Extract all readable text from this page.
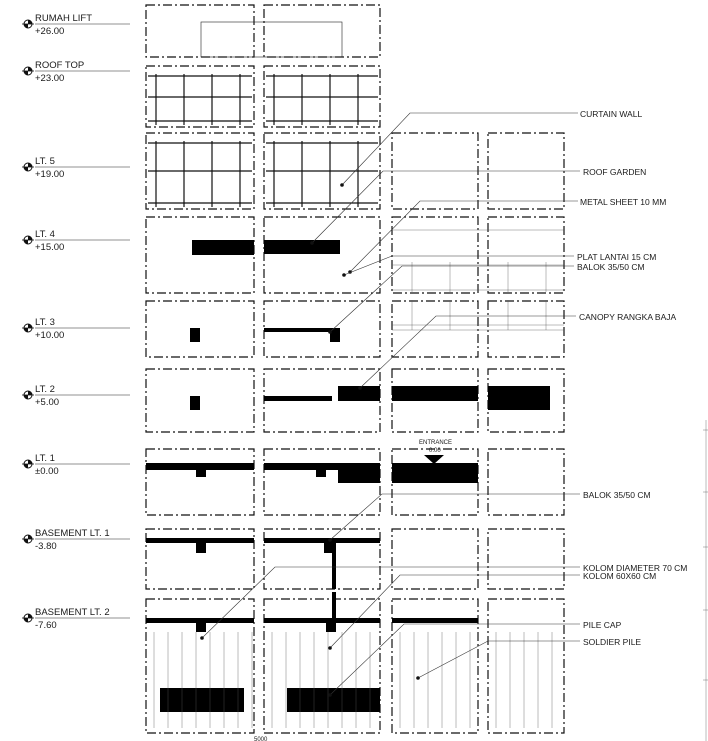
RUMAH LIFT
+26.00
ROOF TOP
+23.00
LT. 5
+19.00
LT. 4
+15.00
LT. 3
+10.00
LT. 2
+5.00
LT. 1
±0.00
BASEMENT LT. 1
-3.80
BASEMENT LT. 2
-7.60
CURTAIN WALL
ROOF GARDEN
METAL SHEET 10 MM
PLAT LANTAI 15 CM
BALOK 35/50 CM
CANOPY RANGKA BAJA
BALOK 35/50 CM
KOLOM DIAMETER 70 CM
KOLOM 60X60 CM
PILE CAP
SOLDIER PILE
ENTRANCE
0.00
5000
